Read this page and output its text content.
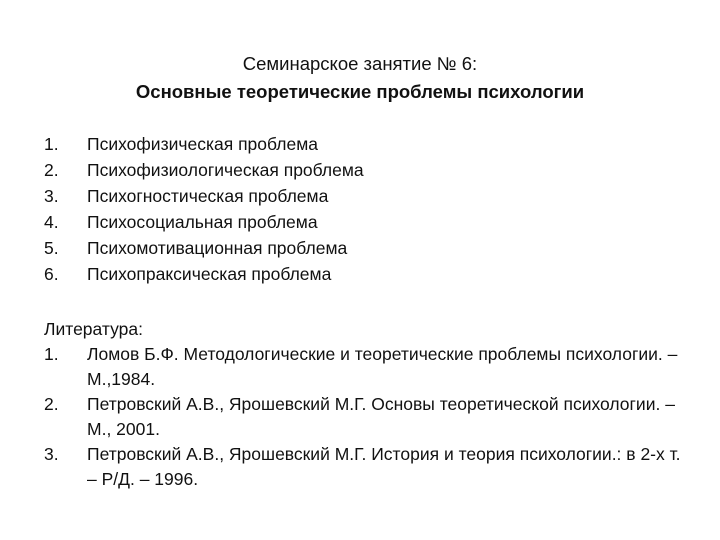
Семинарское занятие № 6:
Основные теоретические проблемы психологии
1.	Психофизическая проблема
2.	Психофизиологическая проблема
3.	Психогностическая проблема
4.	Психосоциальная проблема
5.	Психомотивационная проблема
6.	Психопраксическая проблема
Литература:
1.	Ломов Б.Ф. Методологические и теоретические проблемы психологии. – М.,1984.
2.	Петровский А.В., Ярошевский М.Г. Основы теоретической психологии. – М., 2001.
3.	Петровский А.В., Ярошевский М.Г. История и теория психологии.: в 2-х т. – Р/Д. – 1996.
